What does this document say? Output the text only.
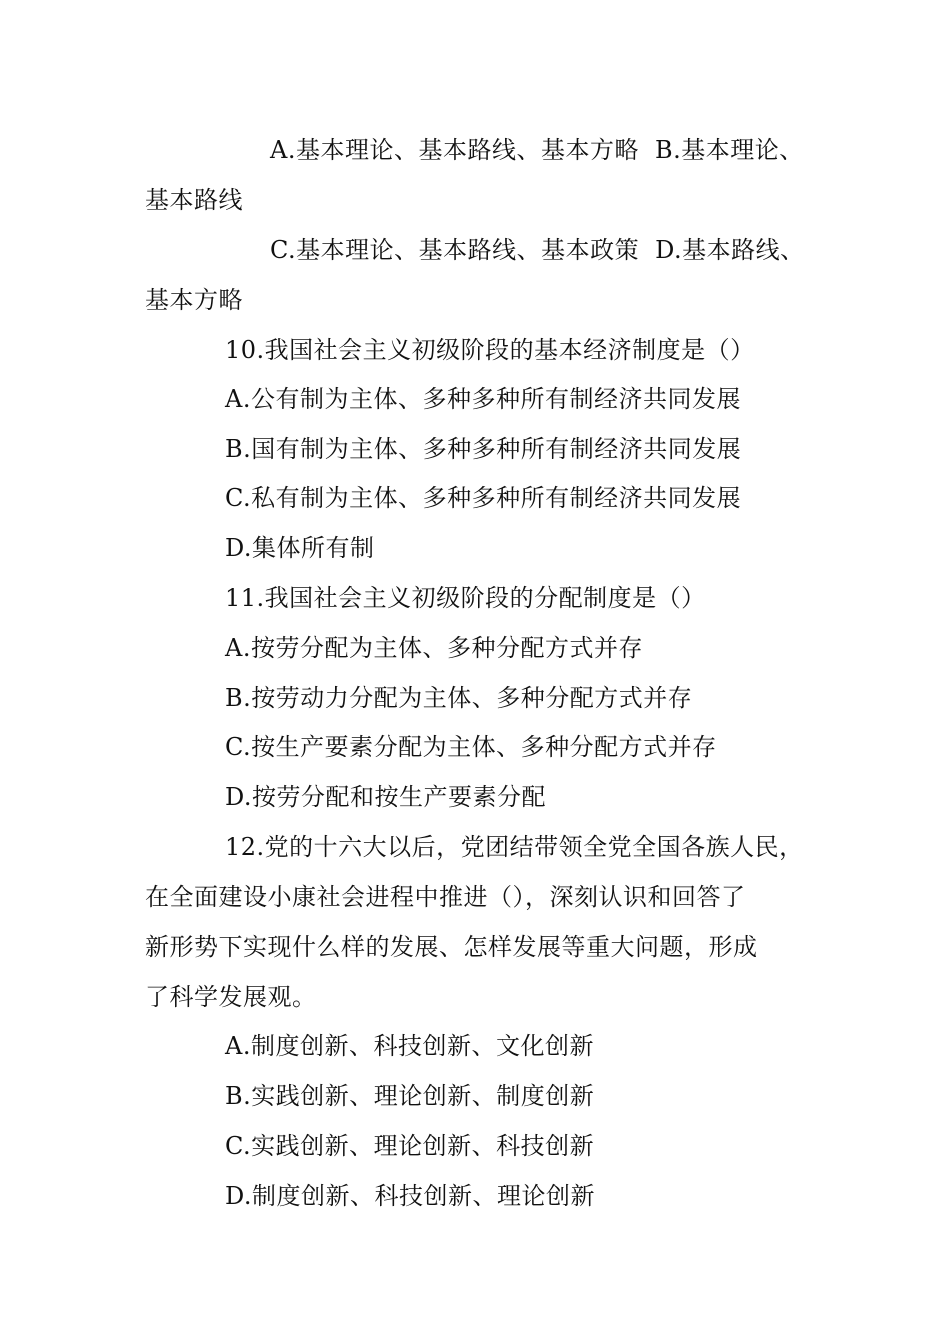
A.基本理论、基本路线、基本方略 B.基本理论、
基本路线
C.基本理论、基本路线、基本政策 D.基本路线、
基本方略
10.我国社会主义初级阶段的基本经济制度是（）
A.公有制为主体、多种多种所有制经济共同发展
B.国有制为主体、多种多种所有制经济共同发展
C.私有制为主体、多种多种所有制经济共同发展
D.集体所有制
11.我国社会主义初级阶段的分配制度是（）
A.按劳分配为主体、多种分配方式并存
B.按劳动力分配为主体、多种分配方式并存
C.按生产要素分配为主体、多种分配方式并存
D.按劳分配和按生产要素分配
12.党的十六大以后，党团结带领全党全国各族人民，
在全面建设小康社会进程中推进（），深刻认识和回答了
新形势下实现什么样的发展、怎样发展等重大问题，形成
了科学发展观。
A.制度创新、科技创新、文化创新
B.实践创新、理论创新、制度创新
C.实践创新、理论创新、科技创新
D.制度创新、科技创新、理论创新
